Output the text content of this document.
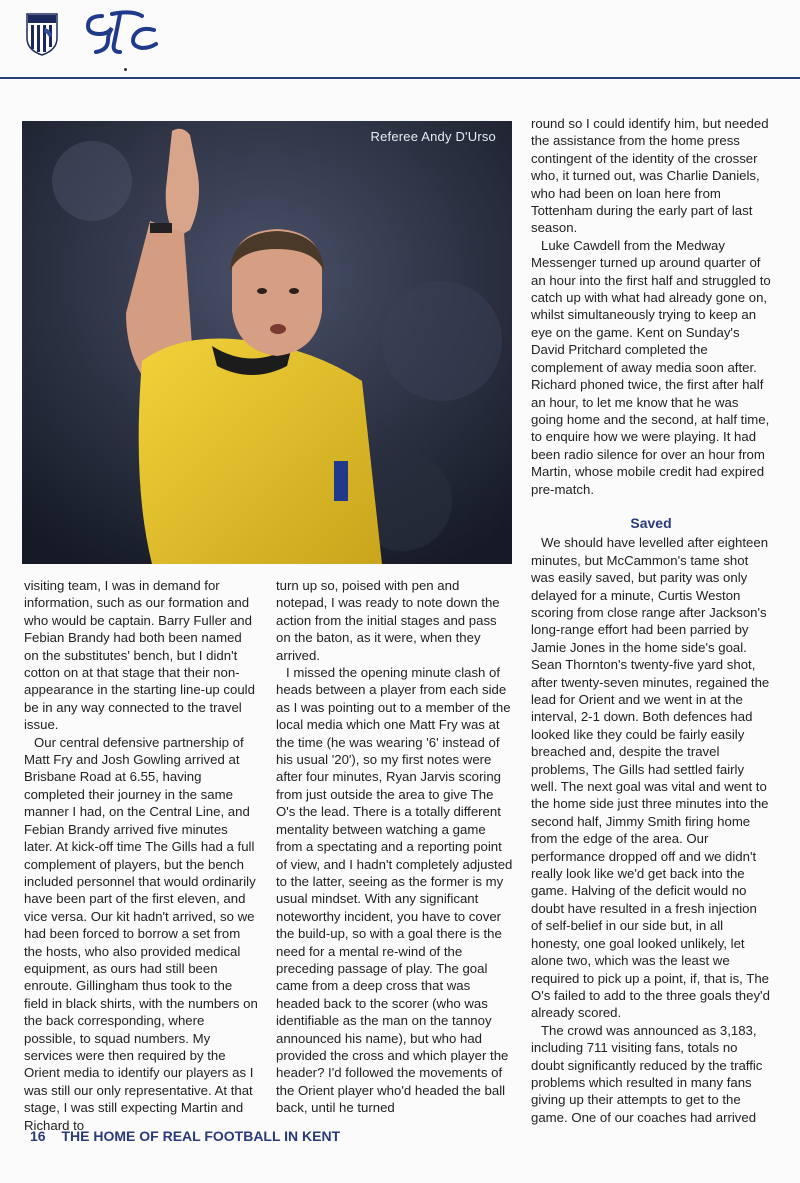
Referee Andy D'Urso

visiting team, I was in demand for information, such as our formation and who would be captain. Barry Fuller and Febian Brandy had both been named on the substitutes' bench, but I didn't cotton on at that stage that their non-appearance in the starting line-up could be in any way connected to the travel issue.

Our central defensive partnership of Matt Fry and Josh Gowling arrived at Brisbane Road at 6.55, having completed their journey in the same manner I had, on the Central Line, and Febian Brandy arrived five minutes later. At kick-off time The Gills had a full complement of players, but the bench included personnel that would ordinarily have been part of the first eleven, and vice versa. Our kit hadn't arrived, so we had been forced to borrow a set from the hosts, who also provided medical equipment, as ours had still been enroute. Gillingham thus took to the field in black shirts, with the numbers on the back corresponding, where possible, to squad numbers. My services were then required by the Orient media to identify our players as I was still our only representative. At that stage, I was still expecting Martin and Richard to

turn up so, poised with pen and notepad, I was ready to note down the action from the initial stages and pass on the baton, as it were, when they arrived.

I missed the opening minute clash of heads between a player from each side as I was pointing out to a member of the local media which one Matt Fry was at the time (he was wearing '6' instead of his usual '20'), so my first notes were after four minutes, Ryan Jarvis scoring from just outside the area to give The O's the lead. There is a totally different mentality between watching a game from a spectating and a reporting point of view, and I hadn't completely adjusted to the latter, seeing as the former is my usual mindset. With any significant noteworthy incident, you have to cover the build-up, so with a goal there is the need for a mental re-wind of the preceding passage of play. The goal came from a deep cross that was headed back to the scorer (who was identifiable as the man on the tannoy announced his name), but who had provided the cross and which player the header? I'd followed the movements of the Orient player who'd headed the ball back, until he turned

round so I could identify him, but needed the assistance from the home press contingent of the identity of the crosser who, it turned out, was Charlie Daniels, who had been on loan here from Tottenham during the early part of last season.

Luke Cawdell from the Medway Messenger turned up around quarter of an hour into the first half and struggled to catch up with what had already gone on, whilst simultaneously trying to keep an eye on the game. Kent on Sunday's David Pritchard completed the complement of away media soon after. Richard phoned twice, the first after half an hour, to let me know that he was going home and the second, at half time, to enquire how we were playing. It had been radio silence for over an hour from Martin, whose mobile credit had expired pre-match.

Saved

We should have levelled after eighteen minutes, but McCammon's tame shot was easily saved, but parity was only delayed for a minute, Curtis Weston scoring from close range after Jackson's long-range effort had been parried by Jamie Jones in the home side's goal. Sean Thornton's twenty-five yard shot, after twenty-seven minutes, regained the lead for Orient and we went in at the interval, 2-1 down. Both defences had looked like they could be fairly easily breached and, despite the travel problems, The Gills had settled fairly well. The next goal was vital and went to the home side just three minutes into the second half, Jimmy Smith firing home from the edge of the area. Our performance dropped off and we didn't really look like we'd get back into the game. Halving of the deficit would no doubt have resulted in a fresh injection of self-belief in our side but, in all honesty, one goal looked unlikely, let alone two, which was the least we required to pick up a point, if, that is, The O's failed to add to the three goals they'd already scored.

The crowd was announced as 3,183, including 711 visiting fans, totals no doubt significantly reduced by the traffic problems which resulted in many fans giving up their attempts to get to the game. One of our coaches had arrived

16 THE HOME OF REAL FOOTBALL IN KENT
